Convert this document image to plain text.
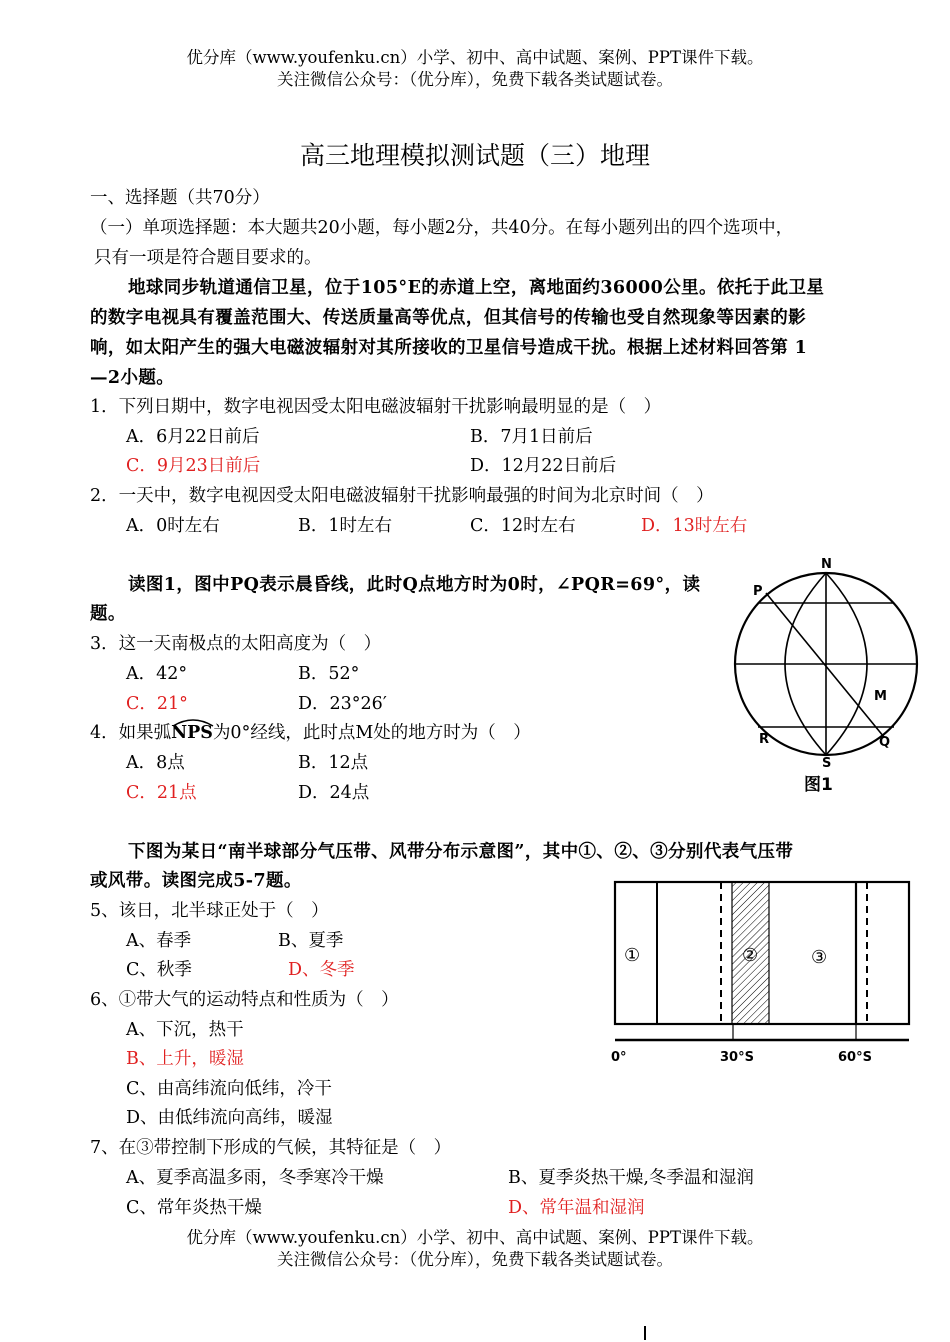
优分库（www.youfenku.cn）小学、初中、高中试题、案例、PPT课件下载。
关注微信公众号：（优分库），免费下载各类试题试卷。
高三地理模拟测试题（三）地理
一、选择题（共70分）
（一）单项选择题：本大题共20小题，每小题2分，共40分。在每小题列出的四个选项中，
只有一项是符合题目要求的。
地球同步轨道通信卫星，位于105°E的赤道上空，离地面约36000公里。依托于此卫星
的数字电视具有覆盖范围大、传送质量高等优点，但其信号的传输也受自然现象等因素的影
响，如太阳产生的强大电磁波辐射对其所接收的卫星信号造成干扰。根据上述材料回答第 1
—2小题。
1．下列日期中，数字电视因受太阳电磁波辐射干扰影响最明显的是（　）
A．6月22日前后	B．7月1日前后
C．9月23日前后	D．12月22日前后
2．一天中，数字电视因受太阳电磁波辐射干扰影响最强的时间为北京时间（　）
A．0时左右	B．1时左右	C．12时左右	D．13时左右
读图1，图中PQ表示晨昏线，此时Q点地方时为0时，∠PQR=69°，读
题。
3．这一天南极点的太阳高度为（　）
A．42°	B．52°
C．21°	D．23°26′
4．如果弧
NPS为0°经线，此时点M处的地方时为（　）
A．8点	B．12点
C．21点	D．24点
N
P
M
R
S
Q
图1
下图为某日“南半球部分气压带、风带分布示意图”，其中①、②、③分别代表气压带
或风带。读图完成5-7题。
5、该日，北半球正处于（　）
A、春季	B、夏季
C、秋季	D、冬季
6、①带大气的运动特点和性质为（　）
A、下沉，热干
B、上升，暖湿
C、由高纬流向低纬，冷干
D、由低纬流向高纬，暖湿
7、在③带控制下形成的气候，其特征是（　）
A、夏季高温多雨，冬季寒冷干燥	B、夏季炎热干燥,冬季温和湿润
C、常年炎热干燥	D、常年温和湿润
①	②	③
0°	30°S	60°S
优分库（www.youfenku.cn）小学、初中、高中试题、案例、PPT课件下载。
关注微信公众号：（优分库），免费下载各类试题试卷。
